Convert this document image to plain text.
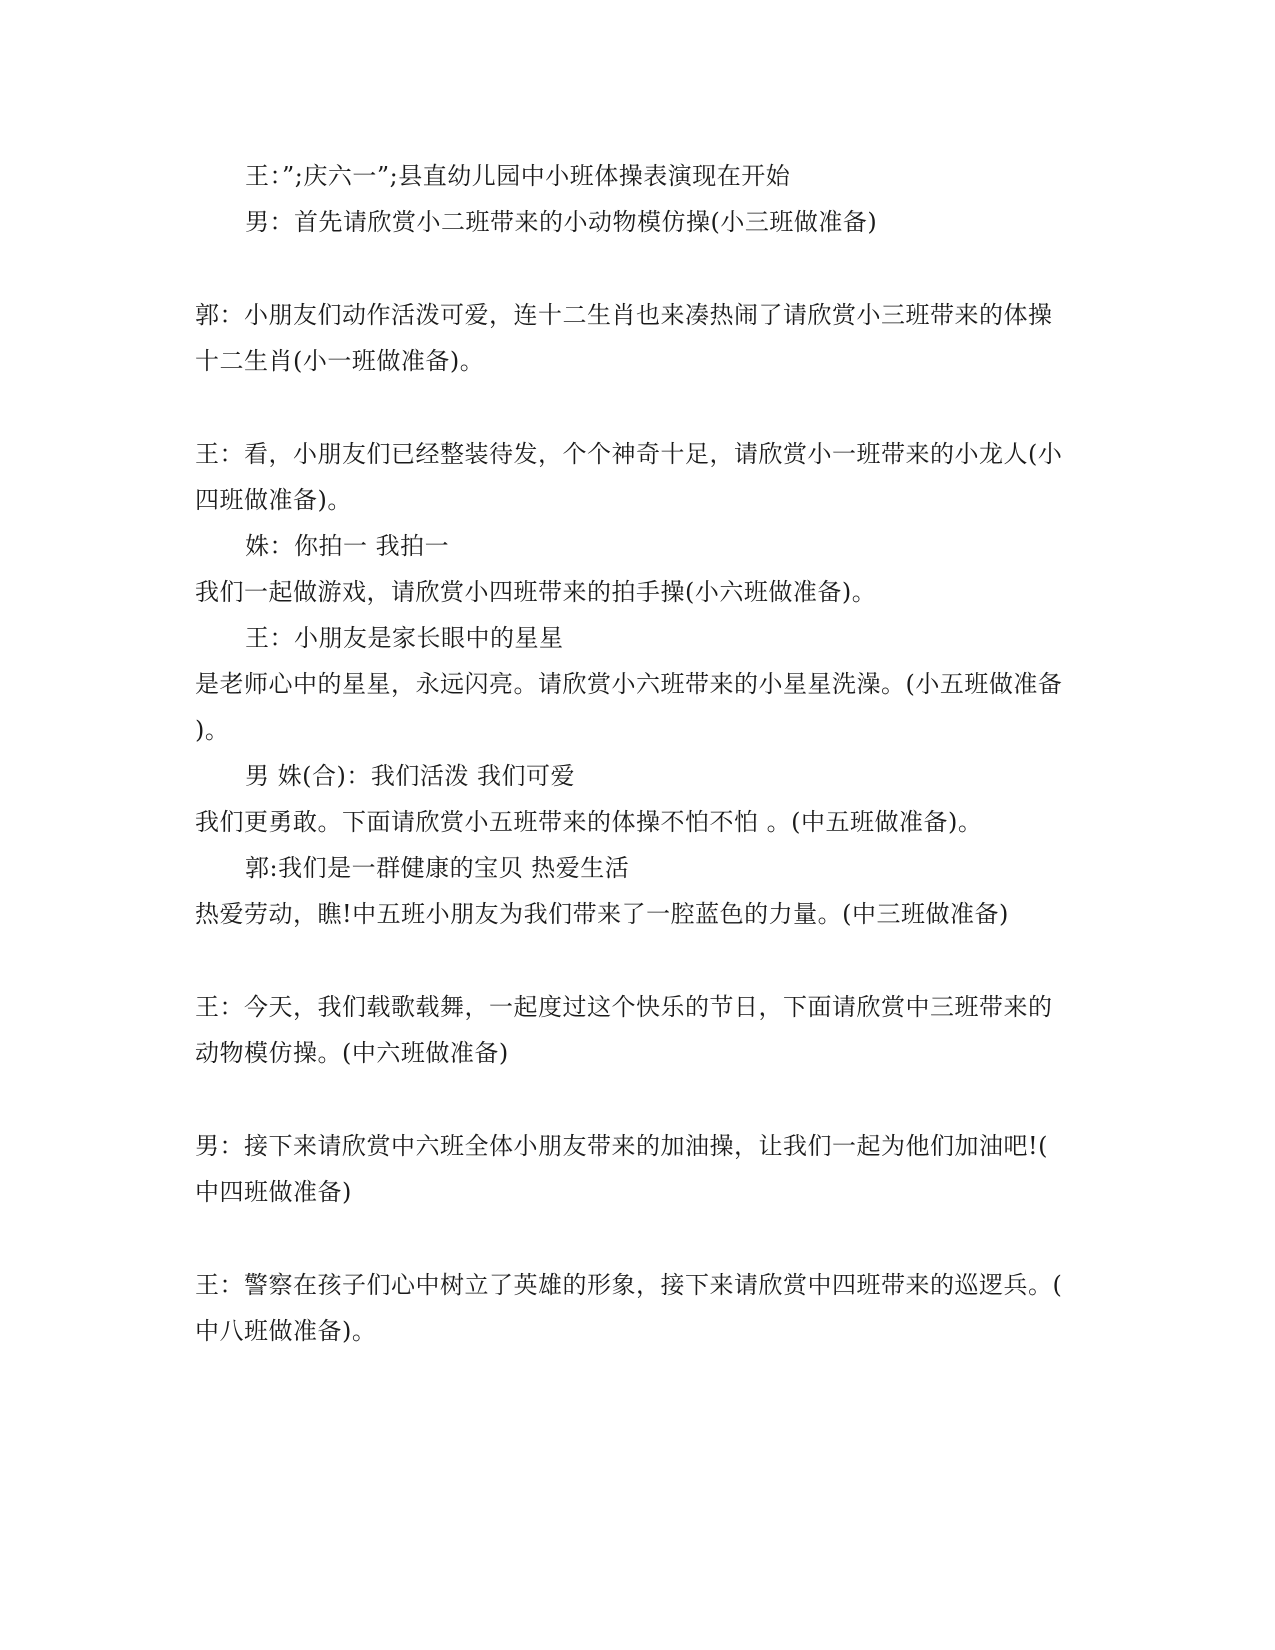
王：”;庆六一”;县直幼儿园中小班体操表演现在开始
男：首先请欣赏小二班带来的小动物模仿操(小三班做准备)
郭：小朋友们动作活泼可爱，连十二生肖也来凑热闹了请欣赏小三班带来的体操
十二生肖(小一班做准备)。
王：看，小朋友们已经整装待发，个个神奇十足，请欣赏小一班带来的小龙人(小
四班做准备)。
姝：你拍一 我拍一
我们一起做游戏，请欣赏小四班带来的拍手操(小六班做准备)。
王：小朋友是家长眼中的星星
是老师心中的星星，永远闪亮。请欣赏小六班带来的小星星洗澡。(小五班做准备
)。
男 姝(合)：我们活泼 我们可爱
我们更勇敢。下面请欣赏小五班带来的体操不怕不怕 。(中五班做准备)。
郭:我们是一群健康的宝贝 热爱生活
热爱劳动，瞧!中五班小朋友为我们带来了一腔蓝色的力量。(中三班做准备)
王：今天，我们载歌载舞，一起度过这个快乐的节日，下面请欣赏中三班带来的
动物模仿操。(中六班做准备)
男：接下来请欣赏中六班全体小朋友带来的加油操，让我们一起为他们加油吧!(
中四班做准备)
王：警察在孩子们心中树立了英雄的形象，接下来请欣赏中四班带来的巡逻兵。(
中八班做准备)。
